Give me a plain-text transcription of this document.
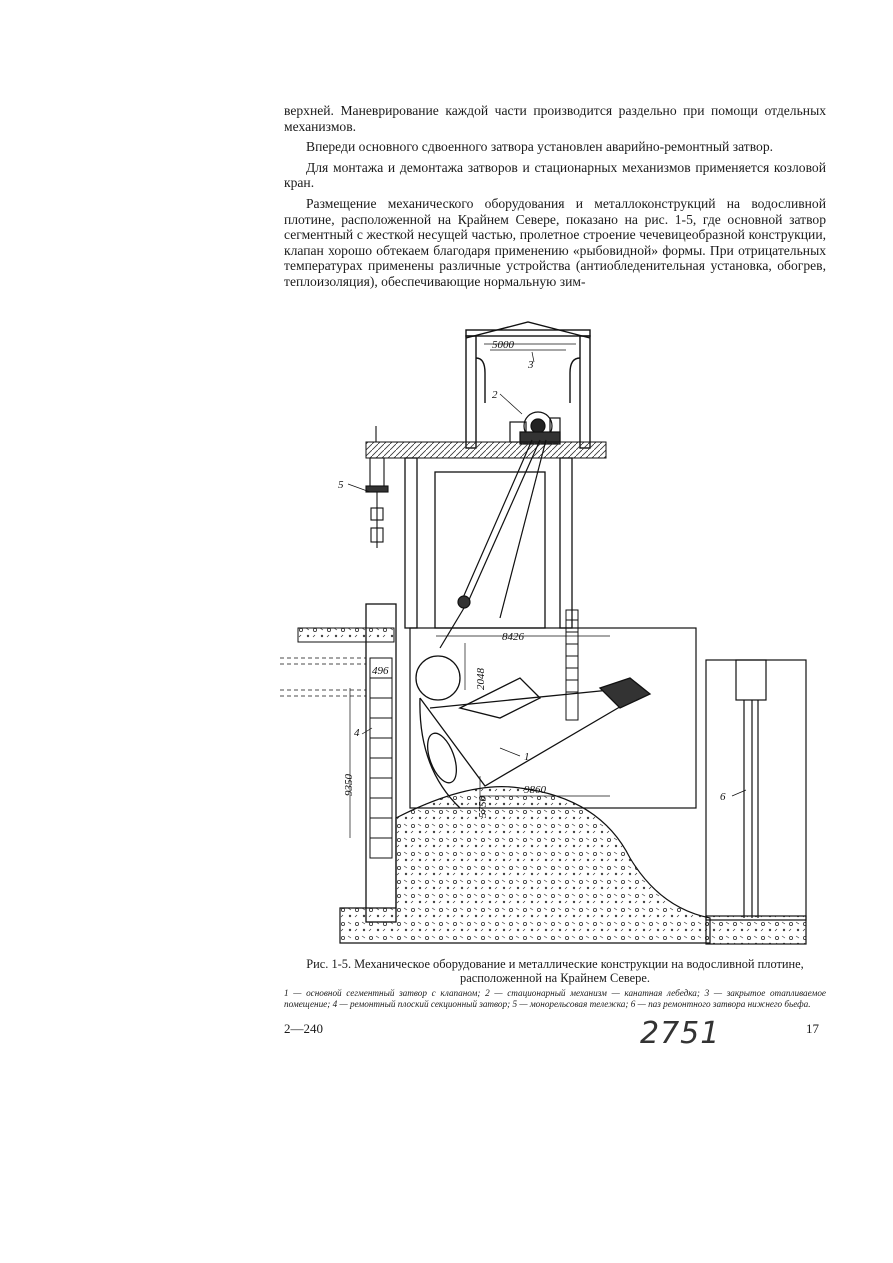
верхней. Маневрирование каждой части производится раздельно при помощи отдельных механизмов.

Впереди основного сдвоенного затвора установлен аварийно-ремонтный затвор.

Для монтажа и демонтажа затворов и стационарных механизмов применяется козловой кран.

Размещение механического оборудования и металлоконструкций на водосливной плотине, расположенной на Крайнем Севере, показано на рис. 1-5, где основной затвор сегментный с жесткой несущей частью, пролетное строение чечевицеобразной конструкции, клапан хорошо обтекаем благодаря применению «рыбовидной» формы. При отрицательных температурах применены различные устройства (антиобледенительная установка, обогрев, теплоизоляция), обеспечивающие нормальную зим-

5000
8426
2048
496
9350
5750
9860
1
2
3
4
5
6
Рис. 1-5. Механическое оборудование и металлические конструкции на водосливной плотине, расположенной на Крайнем Севере.
1 — основной сегментный затвор с клапаном; 2 — стационарный механизм — канатная лебедка; 3 — закрытое отапливаемое помещение; 4 — ремонтный плоский секционный затвор; 5 — монорельсовая тележка; 6 — паз ремонтного затвора нижнего бьефа.
2—240	2751	17
